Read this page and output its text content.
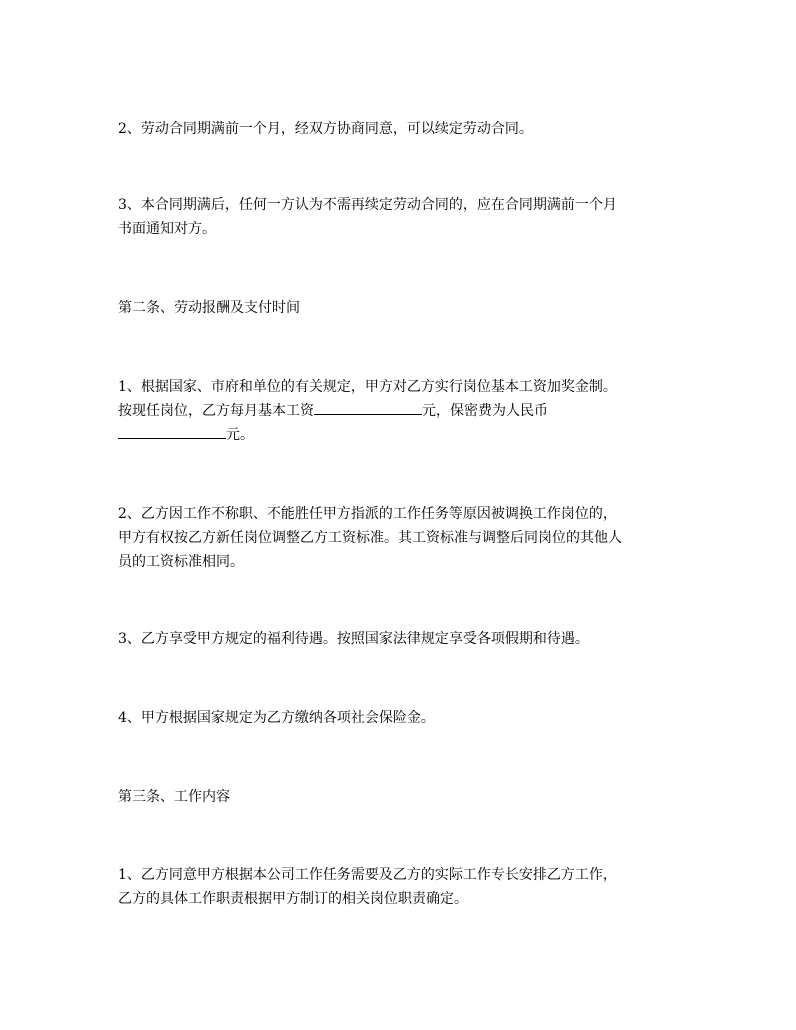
2、劳动合同期满前一个月，经双方协商同意，可以续定劳动合同。

3、本合同期满后，任何一方认为不需再续定劳动合同的，应在合同期满前一个月
书面通知对方。

第二条、劳动报酬及支付时间

1、根据国家、市府和单位的有关规定，甲方对乙方实行岗位基本工资加奖金制。
按现任岗位，乙方每月基本工资	元，保密费为人民币
元。

2、乙方因工作不称职、不能胜任甲方指派的工作任务等原因被调换工作岗位的，
甲方有权按乙方新任岗位调整乙方工资标准。其工资标准与调整后同岗位的其他人
员的工资标准相同。

3、乙方享受甲方规定的福利待遇。按照国家法律规定享受各项假期和待遇。

4、甲方根据国家规定为乙方缴纳各项社会保险金。

第三条、工作内容

1、乙方同意甲方根据本公司工作任务需要及乙方的实际工作专长安排乙方工作，
乙方的具体工作职责根据甲方制订的相关岗位职责确定。
